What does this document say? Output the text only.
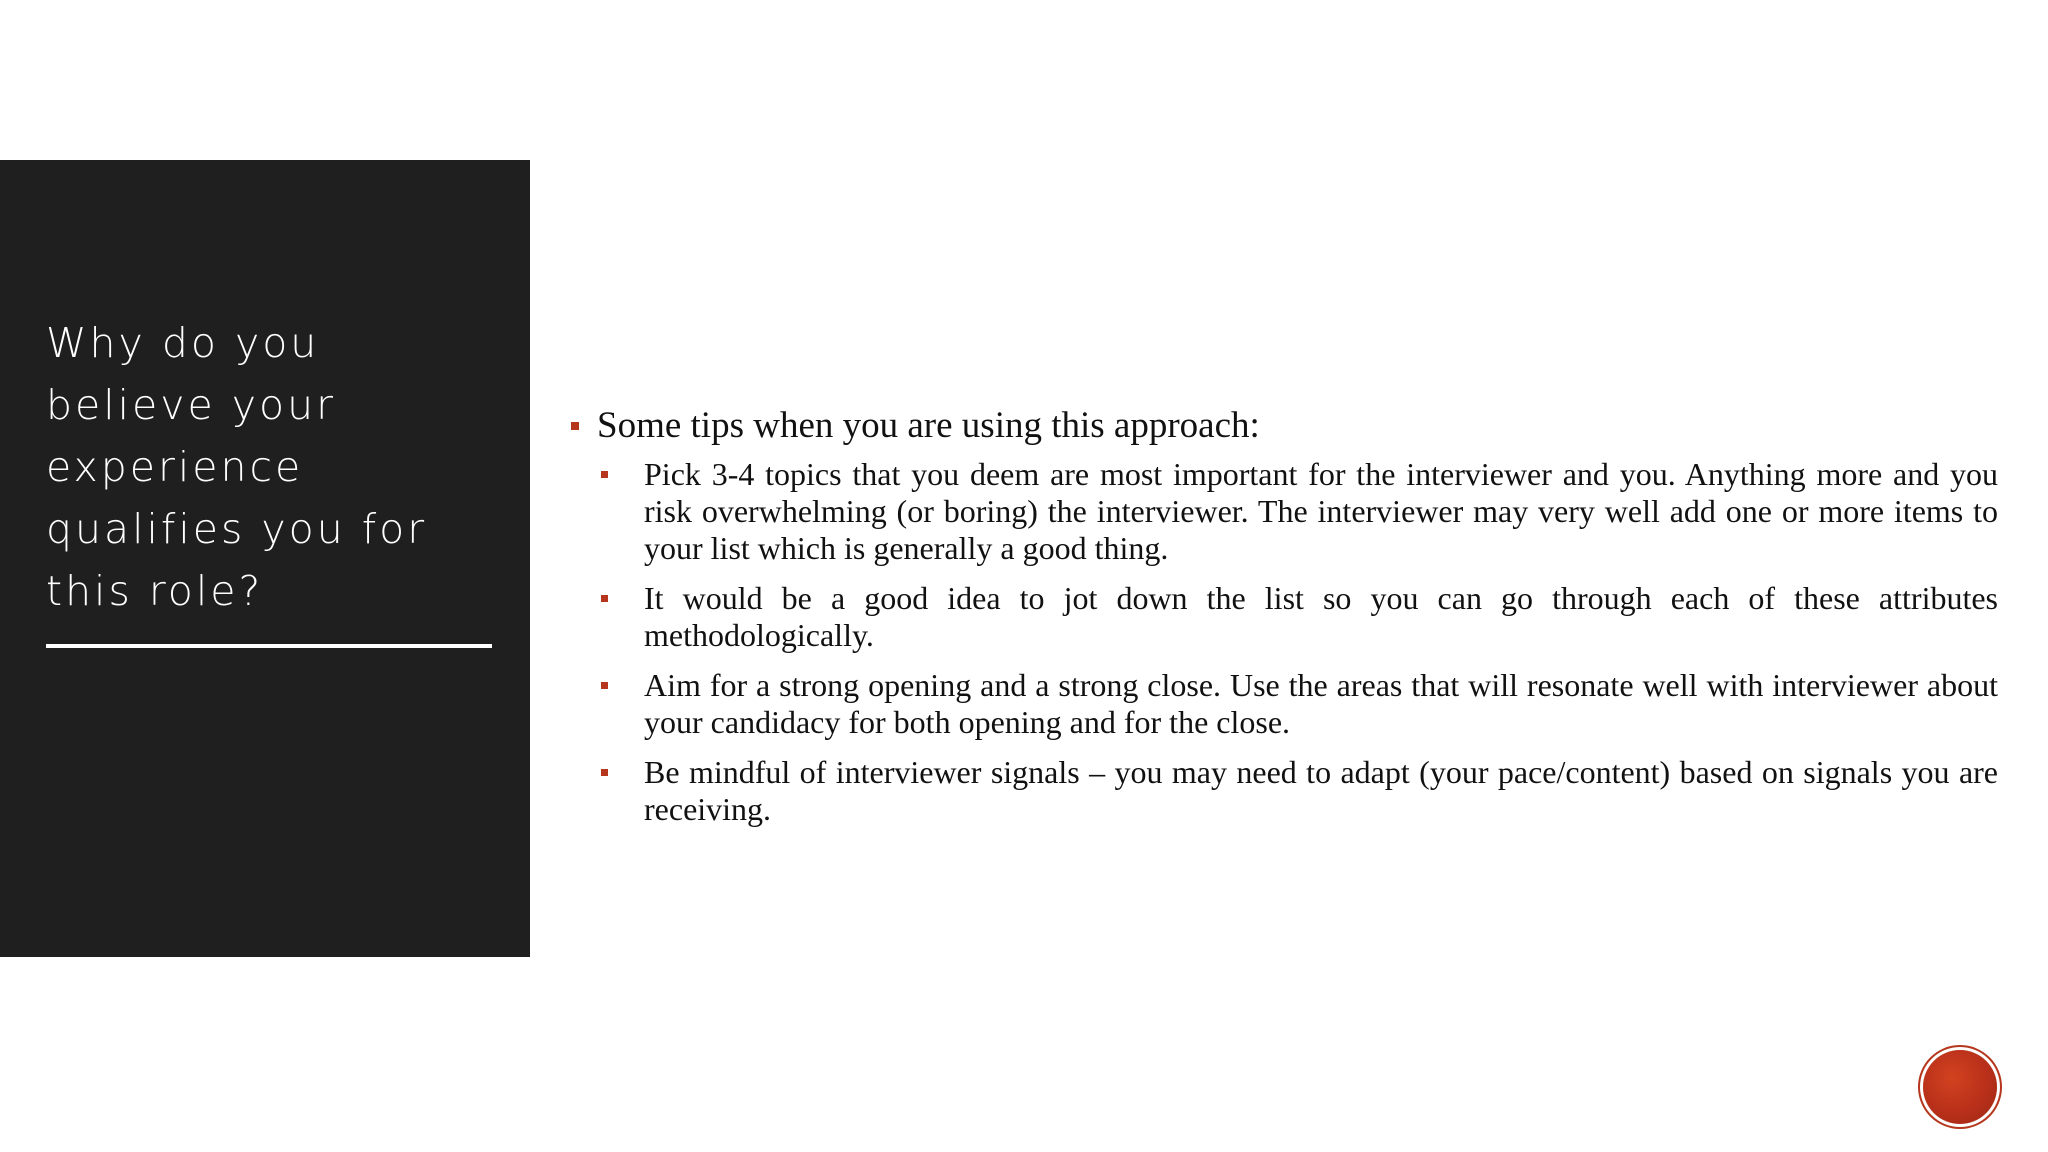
Why do you believe your experience qualifies you for this role?
Some tips when you are using this approach:
Pick 3-4 topics that you deem are most important for the interviewer and you. Anything more and you risk overwhelming (or boring) the interviewer. The interviewer may very well add one or more items to your list which is generally a good thing.
It would be a good idea to jot down the list so you can go through each of these attributes methodologically.
Aim for a strong opening and a strong close. Use the areas that will resonate well with interviewer about your candidacy for both opening and for the close.
Be mindful of interviewer signals – you may need to adapt (your pace/content) based on signals you are receiving.
